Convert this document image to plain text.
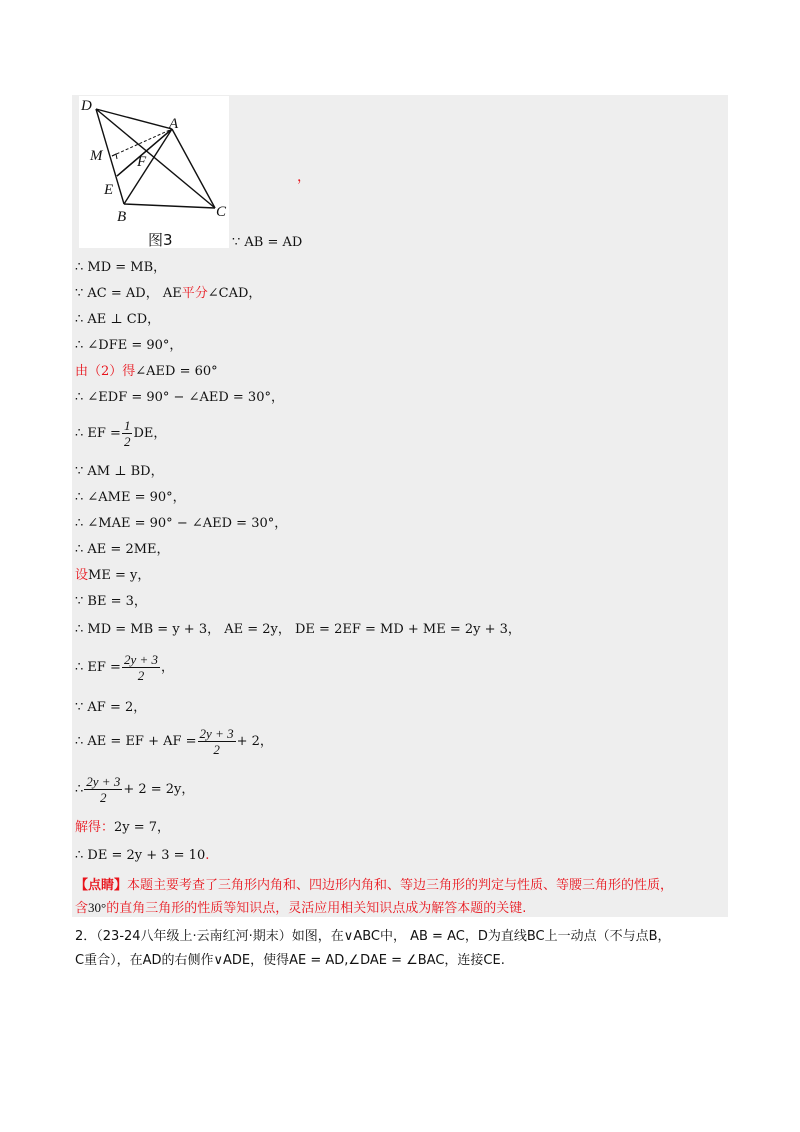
D
A
M F
E
B	C
图3
，
∵ AB = AD
∴ MD = MB，
∵ AC = AD， AE平分∠CAD，
∴ AE ⊥ CD，
∴ ∠DFE = 90°，
由（2）得∠AED = 60°
∴ ∠EDF = 90° − ∠AED = 30°，
∴ EF = $\frac{1}{2}$ DE，
∵ AM ⊥ BD，
∴ ∠AME = 90°，
∴ ∠MAE = 90° − ∠AED = 30°，
∴ AE = 2ME，
设ME = y，
∵ BE = 3，
∴ MD = MB = y + 3， AE = 2y， DE = 2EF = MD + ME = 2y + 3，
∴ EF = $\frac{2y + 3}{2}$ ，
∵ AF = 2，
∴ AE = EF + AF = $\frac{2y + 3}{2} + 2$，
∴ $\frac{2y + 3}{2} + 2 = 2y$，
解得：2y = 7，
∴ DE = 2y + 3 = 10.
【点睛】本题主要考查了三角形内角和、四边形内角和、等边三角形的判定与性质、等腰三角形的性质，
含30°的直角三角形的性质等知识点，灵活应用相关知识点成为解答本题的关键.
2．（23-24八年级上·云南红河·期末）如图，在∨ABC中， AB = AC，D为直线BC上一动点（不与点B，
C重合），在AD的右侧作∨ADE，使得AE = AD,∠DAE = ∠BAC，连接CE.
